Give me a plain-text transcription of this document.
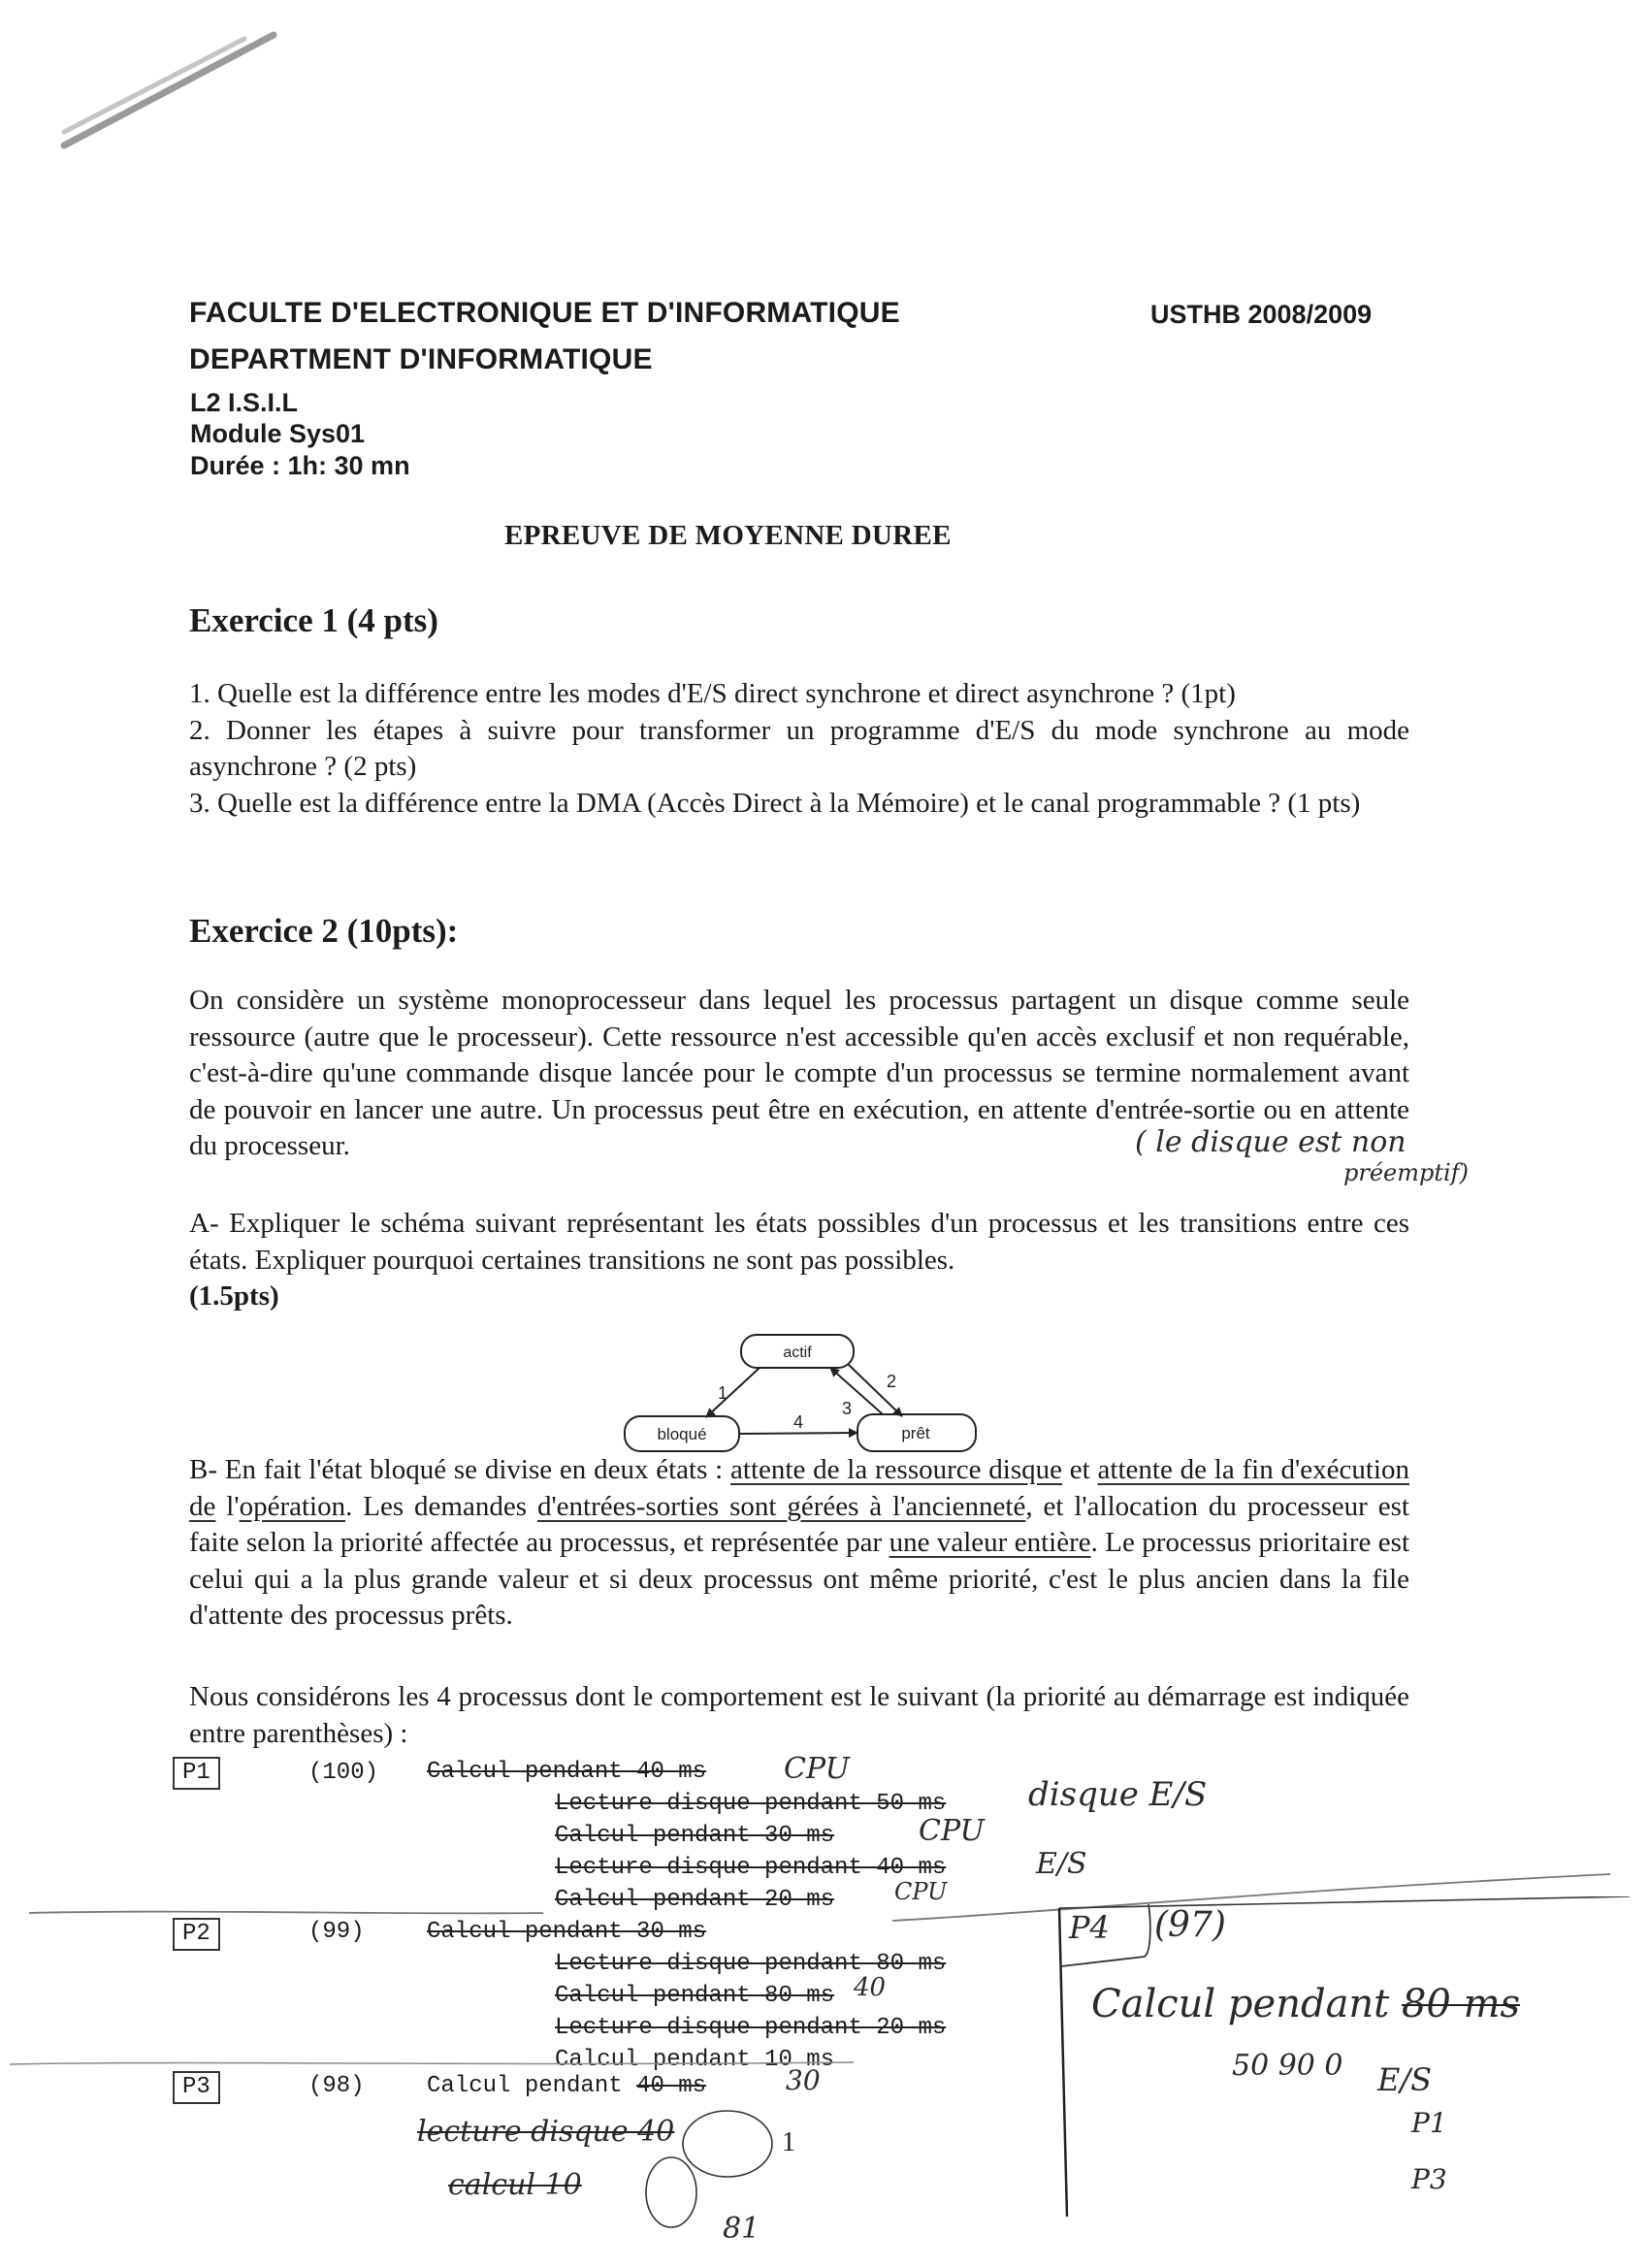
FACULTE D'ELECTRONIQUE ET D'INFORMATIQUE
DEPARTMENT D'INFORMATIQUE
L2 I.S.I.L
Module Sys01
Durée : 1h: 30 mn
USTHB 2008/2009
EPREUVE DE MOYENNE DUREE
Exercice 1 (4 pts)

1. Quelle est la différence entre les modes d'E/S direct synchrone et direct asynchrone ? (1pt)

2. Donner les étapes à suivre pour transformer un programme d'E/S du mode synchrone au mode asynchrone ? (2 pts)

3. Quelle est la différence entre la DMA (Accès Direct à la Mémoire) et le canal programmable ? (1 pts)

Exercice 2 (10pts):

On considère un système monoprocesseur dans lequel les processus partagent un disque comme seule ressource (autre que le processeur). Cette ressource n'est accessible qu'en accès exclusif et non requérable, c'est-à-dire qu'une commande disque lancée pour le compte d'un processus se termine normalement avant de pouvoir en lancer une autre. Un processus peut être en exécution, en attente d'entrée-sortie ou en attente du processeur.	( le disque est non
préemptif)

A- Expliquer le schéma suivant représentant les états possibles d'un processus et les transitions entre ces états. Expliquer pourquoi certaines transitions ne sont pas possibles.

(1.5pts)

actif
bloqué	prêt
1
2
3
4

B- En fait l'état bloqué se divise en deux états : attente de la ressource disque et attente de la fin d'exécution de l'opération. Les demandes d'entrées-sorties sont gérées à l'ancienneté, et l'allocation du processeur est faite selon la priorité affectée au processus, et représentée par une valeur entière. Le processus prioritaire est celui qui a la plus grande valeur et si deux processus ont même priorité, c'est le plus ancien dans la file d'attente des processus prêts.

Nous considérons les 4 processus dont le comportement est le suivant (la priorité au démarrage est indiquée entre parenthèses) :

P1	(100) Calcul pendant 40 ms	CPU
Lecture disque pendant 50 ms disque E/S
Calcul pendant 30 ms	CPU
Lecture disque pendant 40 ms	E/S
Calcul pendant 20 ms	CPU
P2	(99)	Calcul pendant 30 ms
Lecture disque pendant 80 ms
Calcul pendant 80 ms 40
Lecture disque pendant 20 ms
Calcul pendant 10 ms
P3	(98)	Calcul pendant 40 ms	30
lecture disque 40
calcul 10
81
1
P4 (97)
Calcul pendant 80 ms
50 90 0 E/S
P1
P3
